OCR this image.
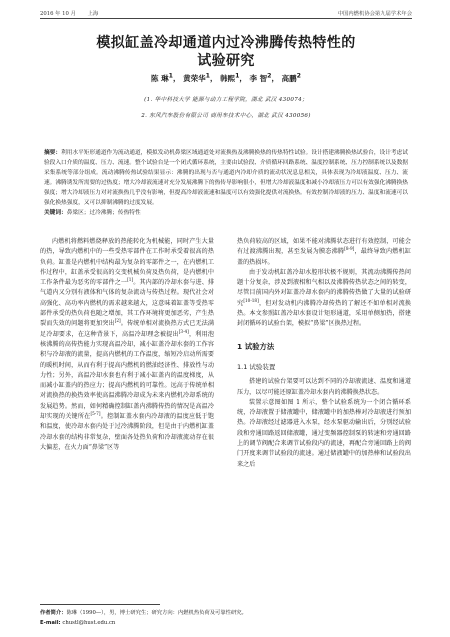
2016 年 10 月 上海	中国内燃机协会第九届学术年会
模拟缸盖冷却通道内过冷沸腾传热特性的
试验研究
陈 琳$^1$， 黄荣华$^1$， 韩熙$^1$， 李 智$^2$， 高鹏$^2$
(1. 华中科技大学 能源与动力工程学院，湖北 武汉 430074；
2. 东风汽车股份有限公司 商用车技术中心，湖北 武汉 430056)

摘要：利用水平矩形通道作为流动通道，模拟发动机鼻梁区域通道处对流换热及沸腾换热的传热特性试验。设计搭建沸腾换热试验台，设计考虑试验段入口介质的温度、压力、流速。整个试验台是一个闭式循环系统，主要由试验段、介质循环回路系统、温度控制系统、压力控制系统以及数据采集系统等部分组成。流动沸腾传热试验结果显示：沸腾的出现与否与通道内冷却介质的流动状况息息相关，具体表现为冷却液温度、压力、流速。沸腾诱发所需要的过热度；增大冷却液流速对充分发展沸腾下的热传导影响很小，但增大冷却液温度和减小冷却液压力可以有效强化沸腾换热强度；增大冷却液压力对对流换热几乎没有影响，但提高冷却液流速和温度可以有效强化提供对流换热。有效控制冷却液的压力、温度和流速可以强化换热强度，又可以抑制沸腾的过度发展。

关键词：鼻梁区；过冷沸腾；传热特性

内燃机将燃料燃烧释放的热能转化为机械能，同时产生大量的热，导致内燃机中的一些受热零部件在工作时承受着很高的热负荷。缸盖是内燃机中结构最为复杂的零部件之一，在内燃机工作过程中，缸盖承受很高的交变机械负荷及热负荷，是内燃机中工作条件最为恶劣的零部件之一[1]。其内部的冷却水套与进、排气道内又分别有液体和气体的复杂流动与传热过程。现代社会对高强化、高功率内燃机的需求越来越大，这意味着缸盖等受热零部件承受的热负荷也随之增加，其工作环境将更加恶劣，产生热裂而失效的问题将更加突出[2]。传统单相对流换热方式已无法满足冷却要求，在这种背景下，高温冷却理念被提出[3-4]，利用泡核沸腾的高传热能力实现高温冷却，减小缸盖冷却水套的工作容积与冷却液的流量，提高内燃机的工作温度，缩短冷启动所需要的暖机时间，从而有利于提高内燃机的燃油经济性、排放性与动力性；另外，高温冷却水套也有利于减小缸盖内的温度梯度，从而减小缸盖内的热应力；提高内燃机的可靠性。远高于传统单相对流换热的换热效率使高温沸腾冷却成为未来内燃机冷却系统的发展趋势。然而，如何精确控制缸盖内沸腾传热的情况是高温冷却实现的关键所在[5-7]。控制缸盖水套内冷却液的温度应低于饱和温度，使冷却水套内处于过冷沸腾阶段，但是由于内燃机缸盖冷却水套的结构非常复杂，壁面各处热负荷和冷却液流动存在很大偏差，在火力面“鼻梁”区等

热负荷较高的区域，如果不能对沸腾状态进行有效控制，可能会有过渡沸腾出现，甚至发展为膜态沸腾[8-9]，最终导致内燃机缸盖的热损坏。

由于发动机缸盖冷却水腔形状极不规则，其流动沸腾传热问题十分复杂，涉及到液相和气相以及沸腾传热状态之间的转变，尽管目前国内外对缸盖冷却水套内的沸腾传热做了大量的试验研究[10-18]，但对发动机内沸腾冷却传热的了解还不如单相对流换热。本文参照缸盖冷却水套设计矩形通道，采用单侧加热，搭建封闭循环的试验台架，模拟“鼻梁”区换热过程。

1 试验方法
1.1 试验装置

搭建的试验台架要可以达到不同的冷却液流速、温度和通道压力，以尽可能还原缸盖冷却水套内的沸腾换热状态。

装置示意图如图 1 所示，整个试验系统为一个闭合循环系统，冷却液置于储液罐中，储液罐中的加热棒对冷却液进行预加热。冷却液经过滤器进入水泵，经水泵驱动输出后，分别经试验段和旁通回路返回储液罐，通过变频器控制泵的转速和旁通回路上的调节阀配合来调节试验段内的流速，再配合旁通回路上的阀门开度来调节试验段的流速。通过储液罐中的加热棒和试验段出来之后

作者简介：陈琳（1990—），男，博士研究生；研究方向：内燃机热负荷及可靠性研究。

E-mail: chustl@hust.edu.cn
